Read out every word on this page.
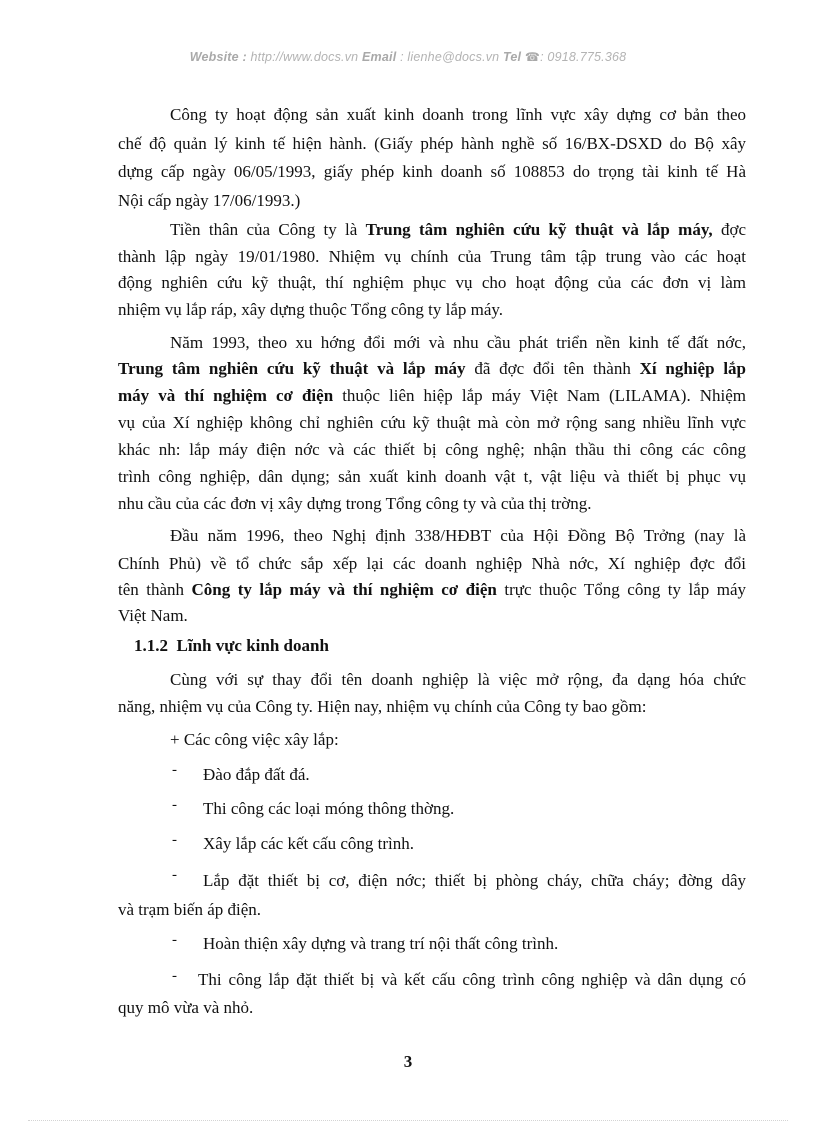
Website : http://www.docs.vn Email : lienhe@docs.vn Tel ☎: 0918.775.368
Công ty hoạt động sản xuất kinh doanh trong lĩnh vực xây dựng cơ bản theo
chế độ quản lý kinh tế hiện hành. (Giấy phép hành nghề số 16/BX-DSXD do Bộ xây
dựng cấp ngày 06/05/1993, giấy phép kinh doanh số 108853 do trọng tài kinh tế Hà
Nội cấp ngày 17/06/1993.)
Tiền thân của Công ty là Trung tâm nghiên cứu kỹ thuật và lắp máy, đợc
thành lập ngày 19/01/1980. Nhiệm vụ chính của Trung tâm tập trung vào các hoạt
động nghiên cứu kỹ thuật, thí nghiệm phục vụ cho hoạt động của các đơn vị làm
nhiệm vụ lắp ráp, xây dựng thuộc Tổng công ty lắp máy.
Năm 1993, theo xu hớng đổi mới và nhu cầu phát triển nền kinh tế đất nớc,
Trung tâm nghiên cứu kỹ thuật và lắp máy đã đợc đổi tên thành Xí nghiệp lắp
máy và thí nghiệm cơ điện thuộc liên hiệp lắp máy Việt Nam (LILAMA). Nhiệm
vụ của Xí nghiệp không chỉ nghiên cứu kỹ thuật mà còn mở rộng sang nhiều lĩnh vực
khác nh: lắp máy điện nớc và các thiết bị công nghệ; nhận thầu thi công các công
trình công nghiệp, dân dụng; sản xuất kinh doanh vật t, vật liệu và thiết bị phục vụ
nhu cầu của các đơn vị xây dựng trong Tổng công ty và của thị trờng.
Đầu năm 1996, theo Nghị định 338/HĐBT của Hội Đồng Bộ Trởng (nay là
Chính Phủ) về tổ chức sắp xếp lại các doanh nghiệp Nhà nớc, Xí nghiệp đợc đổi
tên thành Công ty lắp máy và thí nghiệm cơ điện trực thuộc Tổng công ty lắp máy
Việt Nam.
1.1.2 Lĩnh vực kinh doanh
Cùng với sự thay đổi tên doanh nghiệp là việc mở rộng, đa dạng hóa chức
năng, nhiệm vụ của Công ty. Hiện nay, nhiệm vụ chính của Công ty bao gồm:
+ Các công việc xây lắp:
- Đào đắp đất đá.
- Thi công các loại móng thông thờng.
- Xây lắp các kết cấu công trình.
- Lắp đặt thiết bị cơ, điện nớc; thiết bị phòng cháy, chữa cháy; đờng dây
và trạm biến áp điện.
- Hoàn thiện xây dựng và trang trí nội thất công trình.
- Thi công lắp đặt thiết bị và kết cấu công trình công nghiệp và dân dụng có
quy mô vừa và nhỏ.
3
